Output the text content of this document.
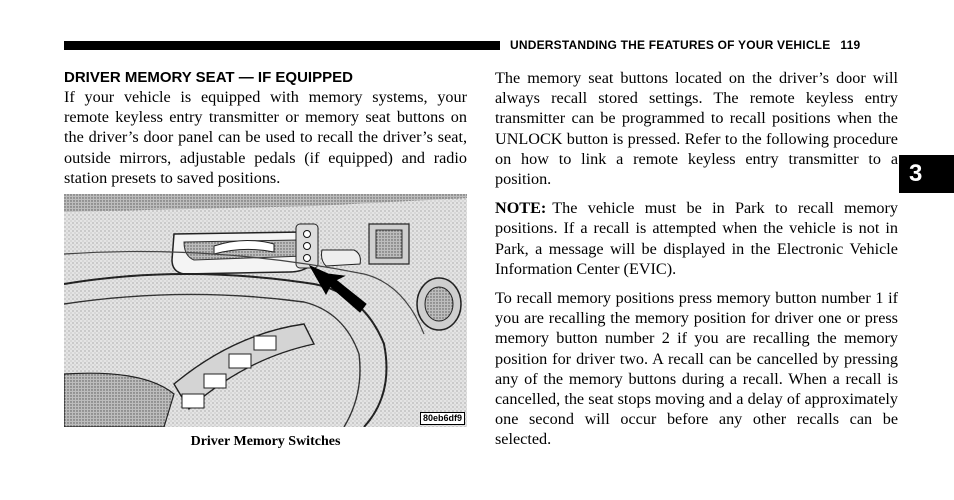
UNDERSTANDING THE FEATURES OF YOUR VEHICLE 119
3
DRIVER MEMORY SEAT — IF EQUIPPED

If your vehicle is equipped with memory systems, your remote keyless entry transmitter or memory seat buttons on the driver’s door panel can be used to recall the driver’s seat, outside mirrors, adjustable pedals (if equipped) and radio station presets to saved positions.

80eb6df9
Driver Memory Switches

The memory seat buttons located on the driver’s door will always recall stored settings. The remote keyless entry transmitter can be programmed to recall positions when the UNLOCK button is pressed. Refer to the following procedure on how to link a remote keyless entry transmitter to a position.

NOTE: The vehicle must be in Park to recall memory positions. If a recall is attempted when the vehicle is not in Park, a message will be displayed in the Electronic Vehicle Information Center (EVIC).

To recall memory positions press memory button number 1 if you are recalling the memory position for driver one or press memory button number 2 if you are recalling the memory position for driver two. A recall can be cancelled by pressing any of the memory buttons during a recall. When a recall is cancelled, the seat stops moving and a delay of approximately one second will occur before any other recalls can be selected.
